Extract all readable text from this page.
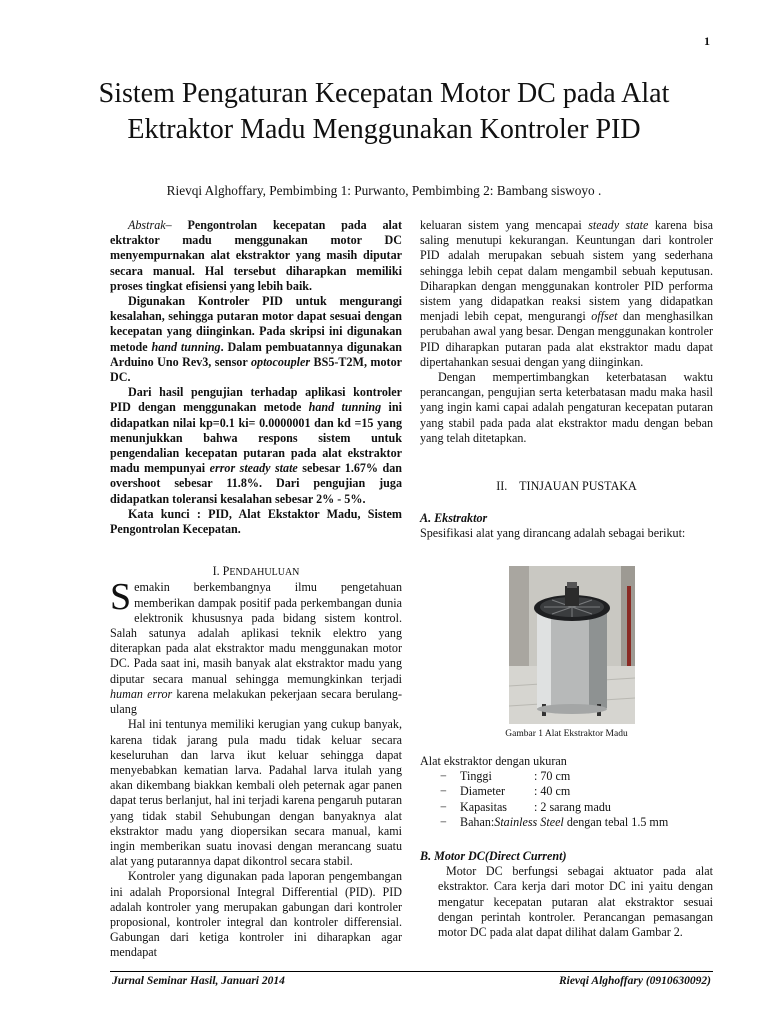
1
Sistem Pengaturan Kecepatan Motor DC pada Alat Ektraktor Madu Menggunakan Kontroler PID
Rievqi Alghoffary, Pembimbing 1: Purwanto, Pembimbing 2: Bambang siswoyo .

Abstrak– Pengontrolan kecepatan pada alat ektraktor madu menggunakan motor DC menyempurnakan alat ekstraktor yang masih diputar secara manual. Hal tersebut diharapkan memiliki proses tingkat efisiensi yang lebih baik.

Digunakan Kontroler PID untuk mengurangi kesalahan, sehingga putaran motor dapat sesuai dengan kecepatan yang diinginkan. Pada skripsi ini digunakan metode hand tunning. Dalam pembuatannya digunakan Arduino Uno Rev3, sensor optocoupler BS5-T2M, motor DC.

Dari hasil pengujian terhadap aplikasi kontroler PID dengan menggunakan metode hand tunning ini didapatkan nilai kp=0.1 ki= 0.0000001 dan kd =15 yang menunjukkan bahwa respons sistem untuk pengendalian kecepatan putaran pada alat ekstraktor madu mempunyai error steady state sebesar 1.67% dan overshoot sebesar 11.8%. Dari pengujian juga didapatkan toleransi kesalahan sebesar 2% - 5%.

Kata kunci : PID, Alat Ekstaktor Madu, Sistem Pengontrolan Kecepatan.

I. PENDAHULUAN

Semakin berkembangnya ilmu pengetahuan memberikan dampak positif pada perkembangan dunia elektronik khususnya pada bidang sistem kontrol. Salah satunya adalah aplikasi teknik elektro yang diterapkan pada alat ekstraktor madu menggunakan motor DC. Pada saat ini, masih banyak alat ekstraktor madu yang diputar secara manual sehingga memungkinkan terjadi human error karena melakukan pekerjaan secara berulang-ulang

Hal ini tentunya memiliki kerugian yang cukup banyak, karena tidak jarang pula madu tidak keluar secara keseluruhan dan larva ikut keluar sehingga dapat menyebabkan kematian larva. Padahal larva itulah yang akan dikembang biakkan kembali oleh peternak agar panen dapat terus berlanjut, hal ini terjadi karena pengaruh putaran yang tidak stabil Sehubungan dengan banyaknya alat ekstraktor madu yang diopersikan secara manual, kami ingin memberikan suatu inovasi dengan merancang suatu alat yang putarannya dapat dikontrol secara stabil.

Kontroler yang digunakan pada laporan pengembangan ini adalah Proporsional Integral Differential (PID). PID adalah kontroler yang merupakan gabungan dari kontroler proposional, kontroler integral dan kontroler differensial. Gabungan dari ketiga kontroler ini diharapkan agar mendapat

keluaran sistem yang mencapai steady state karena bisa saling menutupi kekurangan. Keuntungan dari kontroler PID adalah merupakan sebuah sistem yang sederhana sehingga lebih cepat dalam mengambil sebuah keputusan. Diharapkan dengan menggunakan kontroler PID performa sistem yang didapatkan reaksi sistem yang didapatkan menjadi lebih cepat, mengurangi offset dan menghasilkan perubahan awal yang besar. Dengan menggunakan kontroler PID diharapkan putaran pada alat ekstraktor madu dapat dipertahankan sesuai dengan yang diinginkan.

Dengan mempertimbangkan keterbatasan waktu perancangan, pengujian serta keterbatasan madu maka hasil yang ingin kami capai adalah pengaturan kecepatan putaran yang stabil pada pada alat ekstraktor madu dengan beban yang telah ditetapkan.

II.    TINJAUAN PUSTAKA

A. Ekstraktor

Spesifikasi alat yang dirancang adalah sebagai berikut:

Gambar 1 Alat Ekstraktor Madu

Alat ekstraktor dengan ukuran

− Tinggi	: 70 cm
− Diameter : 40 cm
− Kapasitas : 2 sarang madu
− Bahan:Stainless Steel dengan tebal 1.5 mm

B. Motor DC(Direct Current)

Motor DC berfungsi sebagai aktuator pada alat ekstraktor. Cara kerja dari motor DC ini yaitu dengan mengatur kecepatan putaran alat ekstraktor sesuai dengan perintah kontroler. Perancangan pemasangan motor DC pada alat dapat dilihat dalam Gambar 2.

Jurnal Seminar Hasil, Januari 2014	Rievqi Alghoffary (0910630092)
